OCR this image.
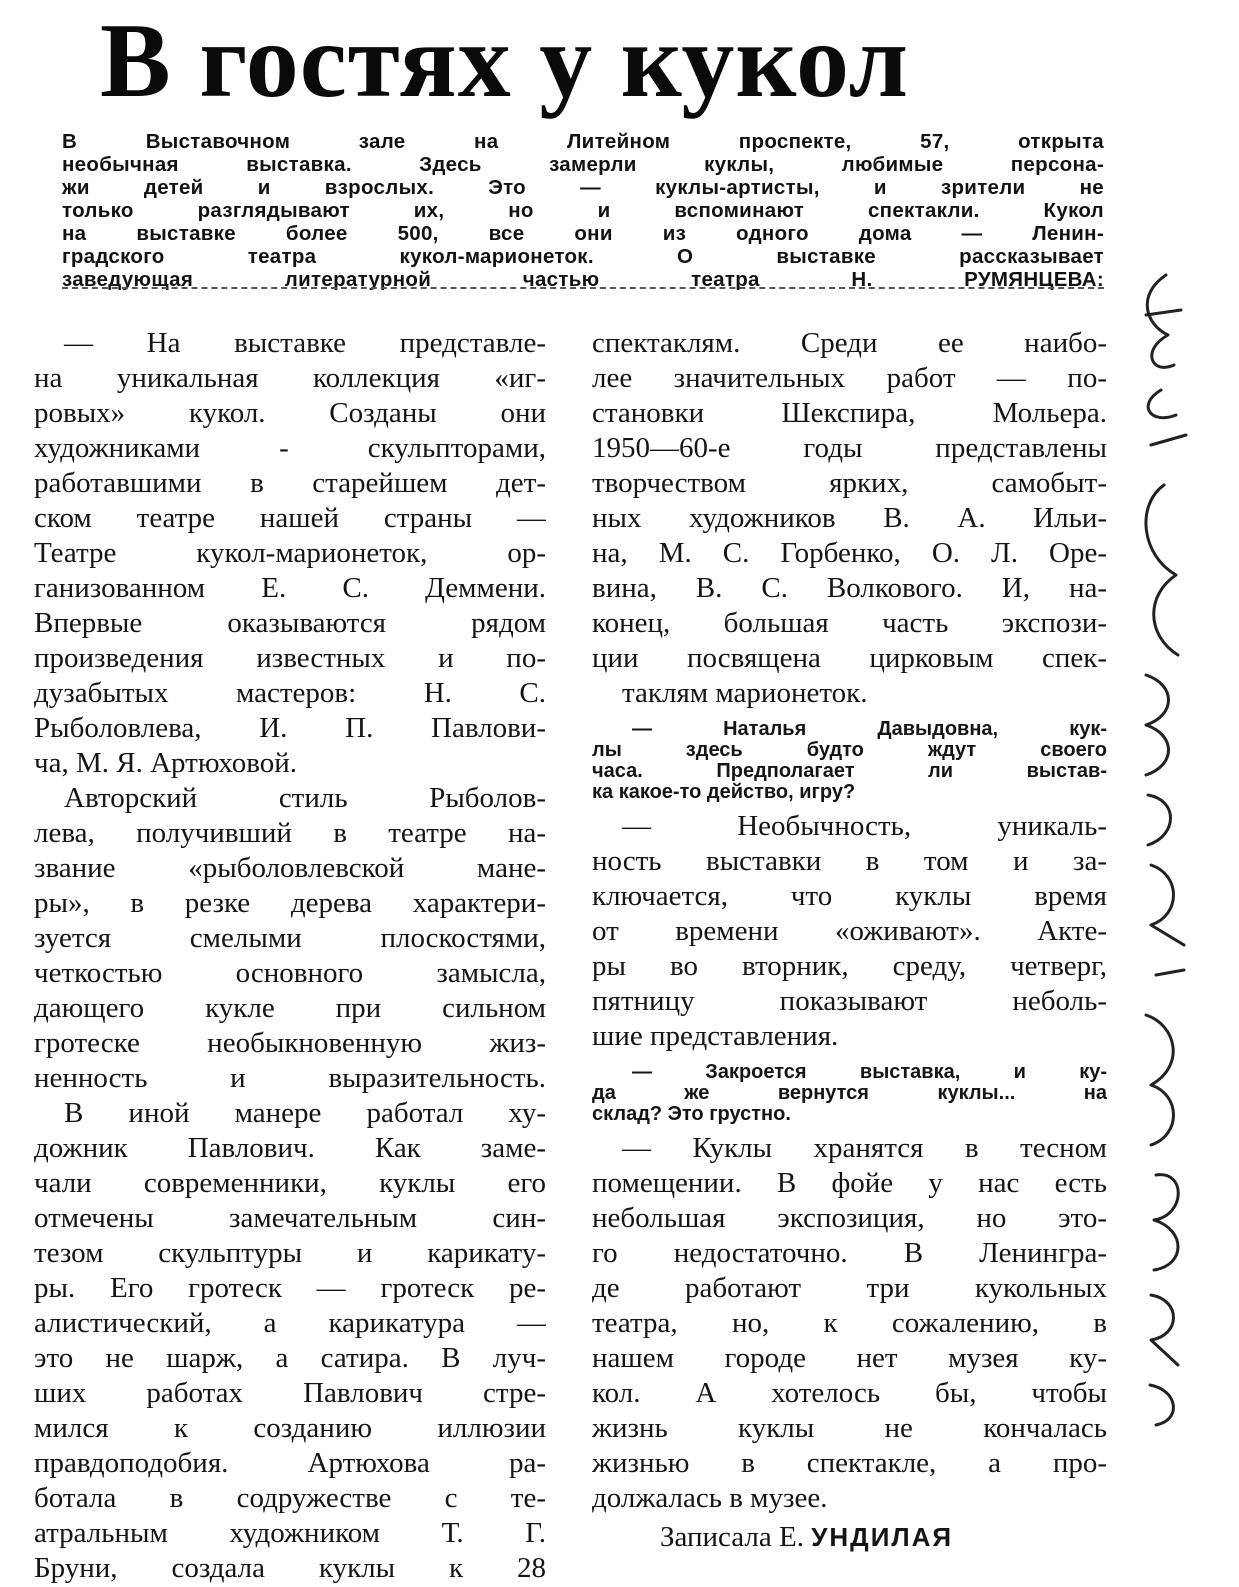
В гостях у кукол
В Выставочном зале на Литейном проспекте, 57, открыта
необычная выставка. Здесь замерли куклы, любимые персона-
жи детей и взрослых. Это — куклы-артисты, и зрители не
только разглядывают их, но и вспоминают спектакли. Кукол
на выставке более 500, все они из одного дома — Ленин-
градского театра кукол-марионеток. О выставке рассказывает
заведующая литературной частью театра Н. РУМЯНЦЕВА:
— На выставке представле-
на уникальная коллекция «иг-
ровых» кукол. Созданы они
художниками - скульпторами,
работавшими в старейшем дет-
ском театре нашей страны —
Театре кукол-марионеток, ор-
ганизованном Е. С. Деммени.
Впервые оказываются рядом
произведения известных и по-
дузабытых мастеров: Н. С.
Рыболовлева, И. П. Павлови-
ча, М. Я. Артюховой.
Авторский стиль Рыболов-
лева, получивший в театре на-
звание «рыболовлевской мане-
ры», в резке дерева характери-
зуется смелыми плоскостями,
четкостью основного замысла,
дающего кукле при сильном
гротеске необыкновенную жиз-
ненность и выразительность.
В иной манере работал ху-
дожник Павлович. Как заме-
чали современники, куклы его
отмечены замечательным син-
тезом скульптуры и карикату-
ры. Его гротеск — гротеск ре-
алистический, а карикатура —
это не шарж, а сатира. В луч-
ших работах Павлович стре-
мился к созданию иллюзии
правдоподобия. Артюхова ра-
ботала в содружестве с те-
атральным художником Т. Г.
Бруни, создала куклы к 28
спектаклям. Среди ее наибо-
лее значительных работ — по-
становки Шекспира, Мольера.
1950—60-е годы представлены
творчеством ярких, самобыт-
ных художников В. А. Ильи-
на, М. С. Горбенко, О. Л. Оре-
вина, В. С. Волкового. И, на-
конец, большая часть экспози-
ции посвящена цирковым спек-
таклям марионеток.
— Наталья Давыдовна, кук-
лы здесь будто ждут своего
часа. Предполагает ли выстав-
ка какое-то действо, игру?
— Необычность, уникаль-
ность выставки в том и за-
ключается, что куклы время
от времени «оживают». Акте-
ры во вторник, среду, четверг,
пятницу показывают неболь-
шие представления.
— Закроется выставка, и ку-
да же вернутся куклы... на
склад? Это грустно.
— Куклы хранятся в тесном
помещении. В фойе у нас есть
небольшая экспозиция, но это-
го недостаточно. В Ленингра-
де работают три кукольных
театра, но, к сожалению, в
нашем городе нет музея ку-
кол. А хотелось бы, чтобы
жизнь куклы не кончалась
жизнью в спектакле, а про-
должалась в музее.
Записала Е. УНДИЛАЯ
